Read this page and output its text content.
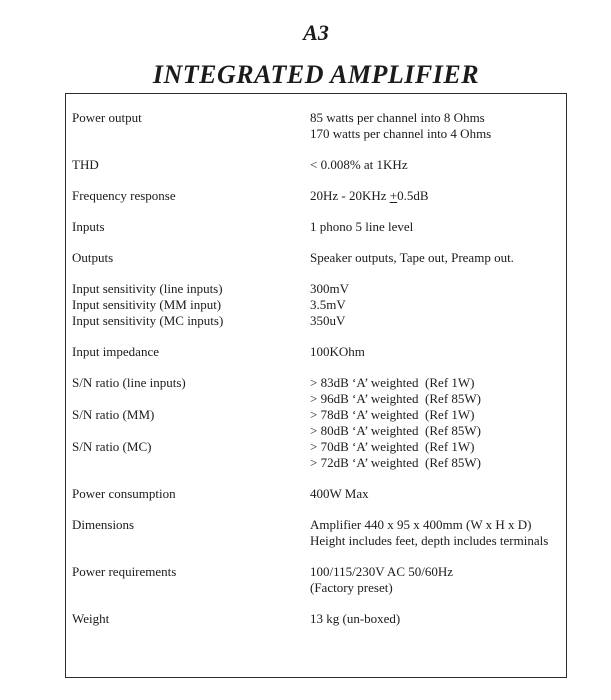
A3
INTEGRATED AMPLIFIER
Power output	85 watts per channel into 8 Ohms
170 watts per channel into 4 Ohms
THD	< 0.008% at 1KHz
Frequency response	20Hz - 20KHz +0.5dB
Inputs	1 phono 5 line level
Outputs	Speaker outputs, Tape out, Preamp out.
Input sensitivity (line inputs)	300mV
Input sensitivity (MM input)	3.5mV
Input sensitivity (MC inputs)	350uV
Input impedance	100KOhm
S/N ratio (line inputs)	> 83dB ‘A’ weighted  (Ref 1W)
> 96dB ‘A’ weighted  (Ref 85W)
S/N ratio (MM)	> 78dB ‘A’ weighted  (Ref 1W)
> 80dB ‘A’ weighted  (Ref 85W)
S/N ratio (MC)	> 70dB ‘A’ weighted  (Ref 1W)
> 72dB ‘A’ weighted  (Ref 85W)
Power consumption	400W Max
Dimensions	Amplifier 440 x 95 x 400mm (W x H x D)
Height includes feet, depth includes terminals
Power requirements	100/115/230V AC 50/60Hz
(Factory preset)
Weight	13 kg (un-boxed)
